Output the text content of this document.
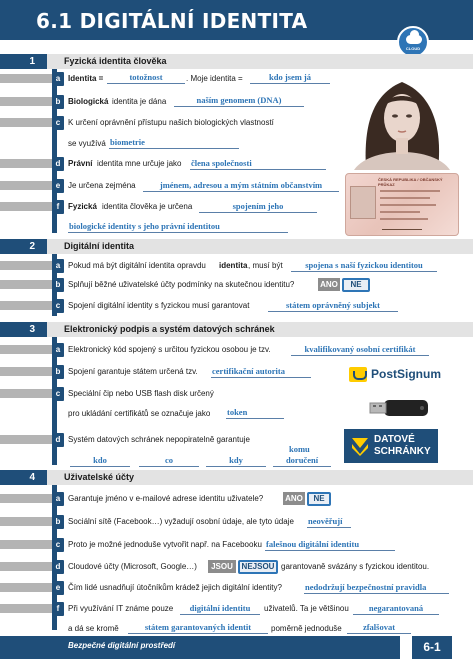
6.1 DIGITÁLNÍ IDENTITA
CLOUD
1	Fyzická identita člověka
a Identita =	totožnost	. Moje identita =	kdo jsem já
b Biologická identita je dána	naším genomem (DNA)
c K určení oprávnění přístupu našich biologických vlastností
se využívá biometrie
d Právní identita mne určuje jako člena společnosti
e Je určena zejména	jménem, adresou a mým státním občanstvím
f	Fyzická identita člověka je určena	spojením jeho
biologické identity s jeho právní identitou
ČESKÁ REPUBLIKA / OBČANSKÝ PRŮKAZ
2	Digitální identita
a Pokud má být digitální identita opravdu identita , musí být	spojena s naší fyzickou identitou
b Splňují běžné uživatelské účty podmínky na skutečnou identitu?	ANO	NE
c Spojení digitální identity s fyzickou musí garantovat	státem oprávněný subjekt
3	Elektronický podpis a systém datových schránek
a Elektronický kód spojený s určitou fyzickou osobou je tzv.	kvalifikovaný osobní certifikát
b Spojení garantuje státem určená tzv. certifikační autorita	PostSignum
c Speciální čip nebo USB flash disk určený
pro ukládání certifikátů se označuje jako token
d Systém datových schránek nepopiratelně garantuje
kdo	co	kdy
komu
doručení
DATOVÉ
SCHRÁNKY
4	Uživatelské účty
a Garantuje jméno v e-mailové adrese identitu uživatele?	ANO	NE
b Sociální sítě (Facebook…) vyžadují osobní údaje, ale tyto údaje neověřují
c Proto je možné jednoduše vytvořit např. na Facebooku falešnou digitální identitu
d Cloudové účty (Microsoft, Google…)	JSOU	NEJSOU garantovaně svázány s fyzickou identitou.
e Čím lidé usnadňují útočníkům krádež jejich digitální identity?	nedodržují bezpečnostní pravidla
f	Při využívání IT známe pouze	digitální identitu	uživatelů. Ta je většinou	negarantovaná
a dá se kromě	státem garantovaných identit	poměrně jednoduše	zfalšovat
Bezpečné digitální prostředí	6-1
